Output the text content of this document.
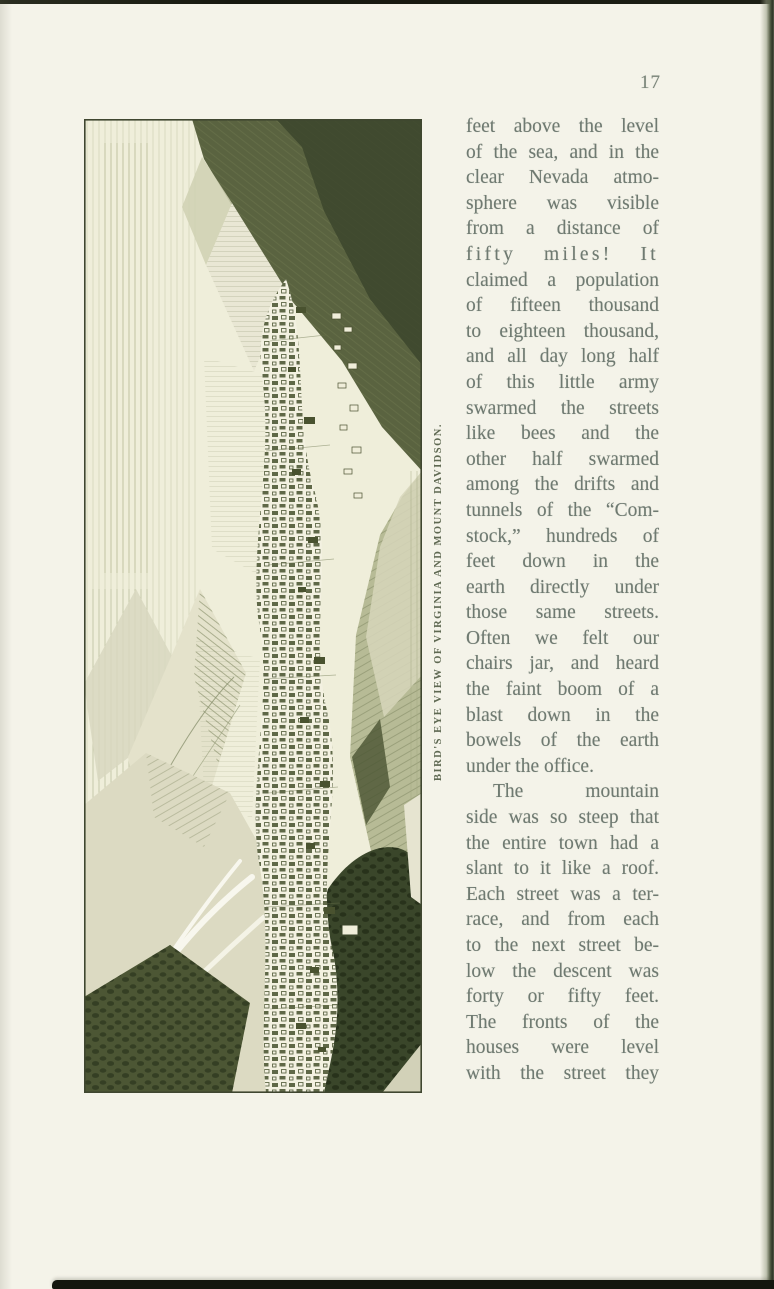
17
BIRD'S EYE VIEW OF VIRGINIA AND MOUNT DAVIDSON.
feet above the level
of the sea, and in the
clear Nevada atmo-
sphere was visible
from a distance of
fifty miles! It
claimed a population
of fifteen thousand
to eighteen thousand,
and all day long half
of this little army
swarmed the streets
like bees and the
other half swarmed
among the drifts and
tunnels of the “Com-
stock,” hundreds of
feet down in the
earth directly under
those same streets.
Often we felt our
chairs jar, and heard
the faint boom of a
blast down in the
bowels of the earth
under the office.
The mountain
side was so steep that
the entire town had a
slant to it like a roof.
Each street was a ter-
race, and from each
to the next street be-
low the descent was
forty or fifty feet.
The fronts of the
houses were level
with the street they
